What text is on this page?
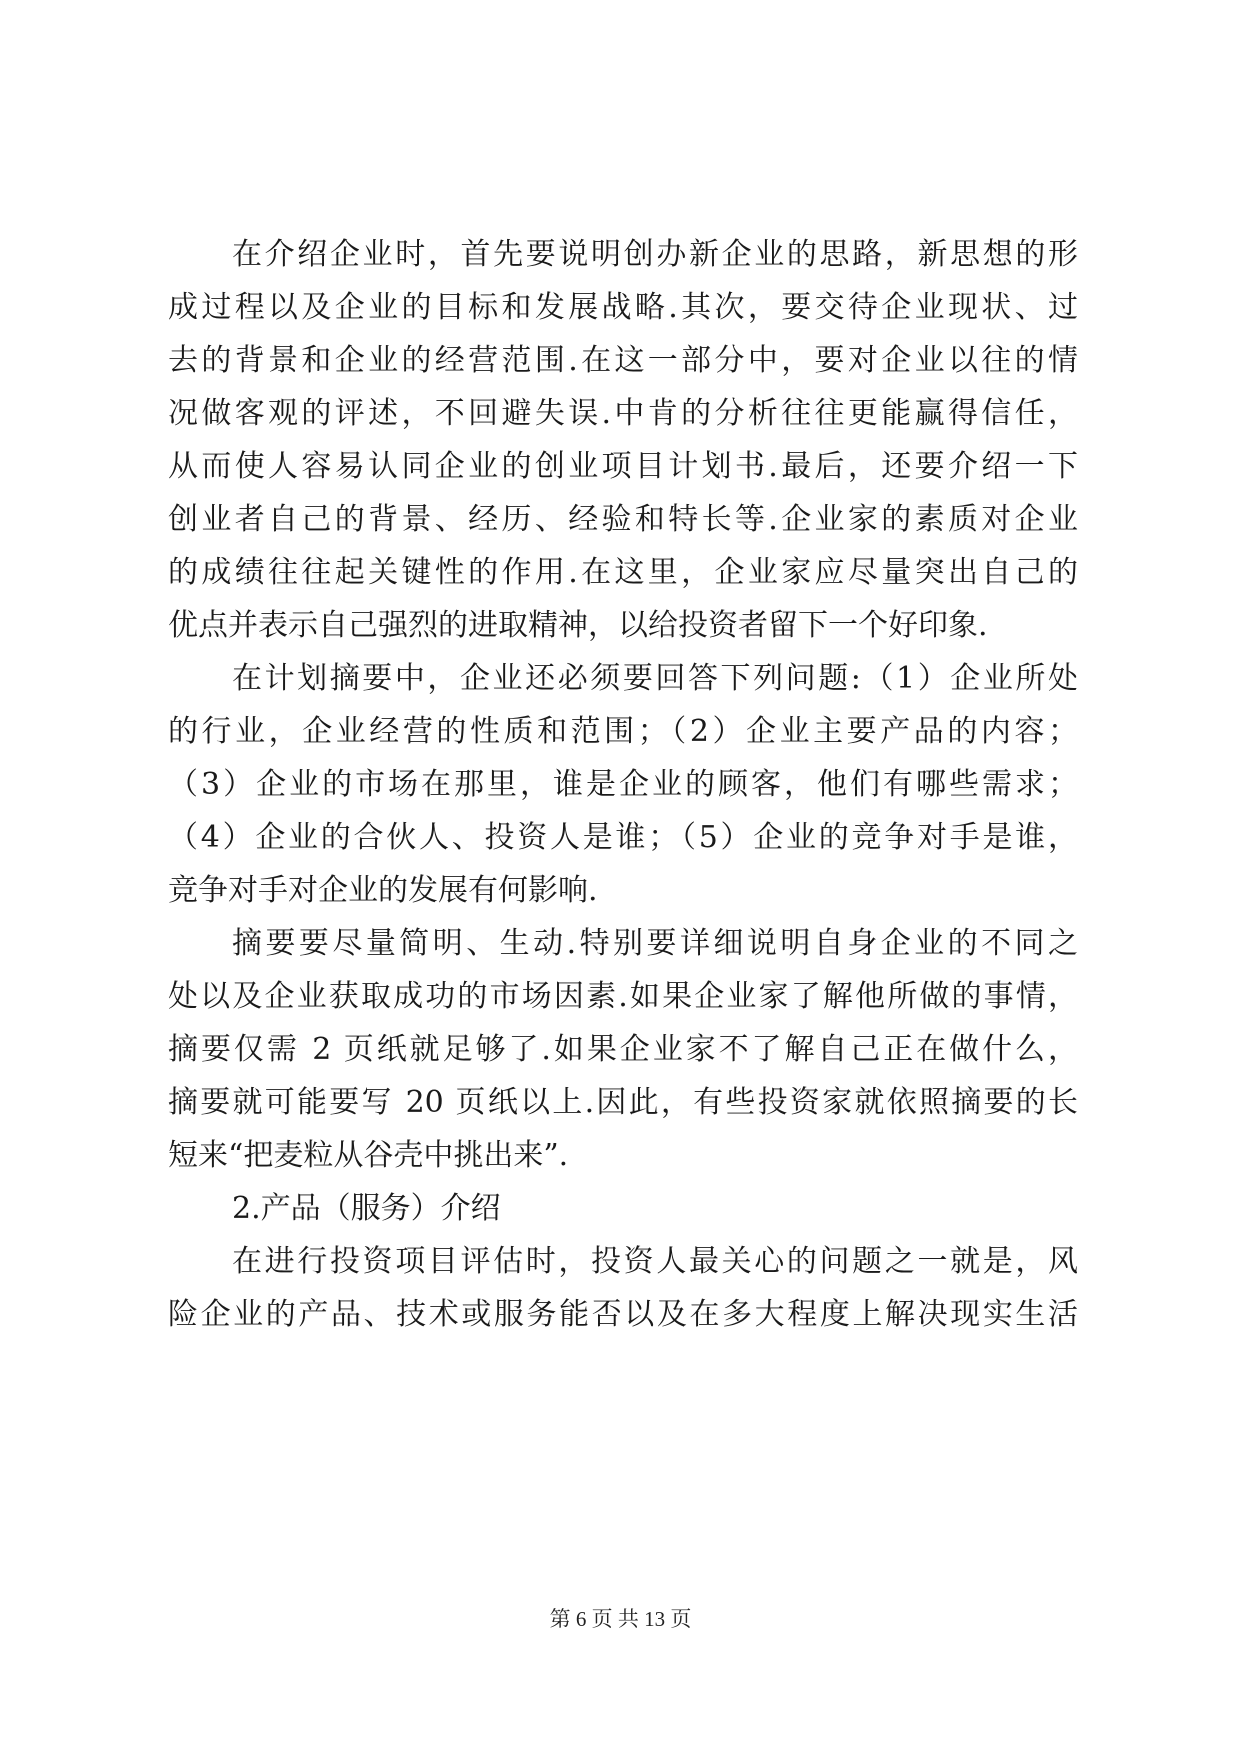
在介绍企业时，首先要说明创办新企业的思路，新思想的形
成过程以及企业的目标和发展战略.其次，要交待企业现状、过
去的背景和企业的经营范围.在这一部分中，要对企业以往的情
况做客观的评述，不回避失误.中肯的分析往往更能赢得信任，
从而使人容易认同企业的创业项目计划书.最后，还要介绍一下
创业者自己的背景、经历、经验和特长等.企业家的素质对企业
的成绩往往起关键性的作用.在这里，企业家应尽量突出自己的
优点并表示自己强烈的进取精神，以给投资者留下一个好印象.
在计划摘要中，企业还必须要回答下列问题:（1）企业所处
的行业，企业经营的性质和范围；（2）企业主要产品的内容；
（3）企业的市场在那里，谁是企业的顾客，他们有哪些需求；
（4）企业的合伙人、投资人是谁；（5）企业的竞争对手是谁，
竞争对手对企业的发展有何影响.
摘要要尽量简明、生动.特别要详细说明自身企业的不同之
处以及企业获取成功的市场因素.如果企业家了解他所做的事情，
摘要仅需 2 页纸就足够了.如果企业家不了解自己正在做什么，
摘要就可能要写 20 页纸以上.因此，有些投资家就依照摘要的长
短来“把麦粒从谷壳中挑出来”.
2.产品（服务）介绍
在进行投资项目评估时，投资人最关心的问题之一就是，风
险企业的产品、技术或服务能否以及在多大程度上解决现实生活
第 6 页 共 13 页
